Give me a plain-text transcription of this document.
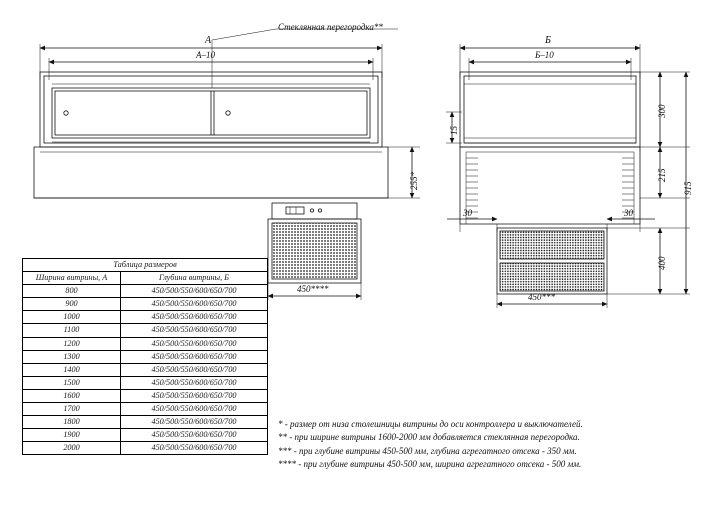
Стеклянная перегородка**
А
А–10
255*
450****
Б
Б–10
15
300
215
400
915
30	30
450***
Таблица размеров	
Ширина витрины, А	Глубина витрины, Б
800	450/500/550/600/650/700
900	450/500/550/600/650/700
1000	450/500/550/600/650/700
1100	450/500/550/600/650/700
1200	450/500/550/600/650/700
1300	450/500/550/600/650/700
1400	450/500/550/600/650/700
1500	450/500/550/600/650/700
1600	450/500/550/600/650/700
1700	450/500/550/600/650/700
1800	450/500/550/600/650/700
1900	450/500/550/600/650/700
2000	450/500/550/600/650/700
* - размер от низа столешницы витрины до оси контроллера и выключателей.
** - при ширине витрины 1600-2000 мм добавляется стеклянная перегородка.
*** - при глубине витрины 450-500 мм, глубина агрегатного отсека - 350 мм.
**** - при глубине витрины 450-500 мм, ширина агрегатного отсека - 500 мм.
